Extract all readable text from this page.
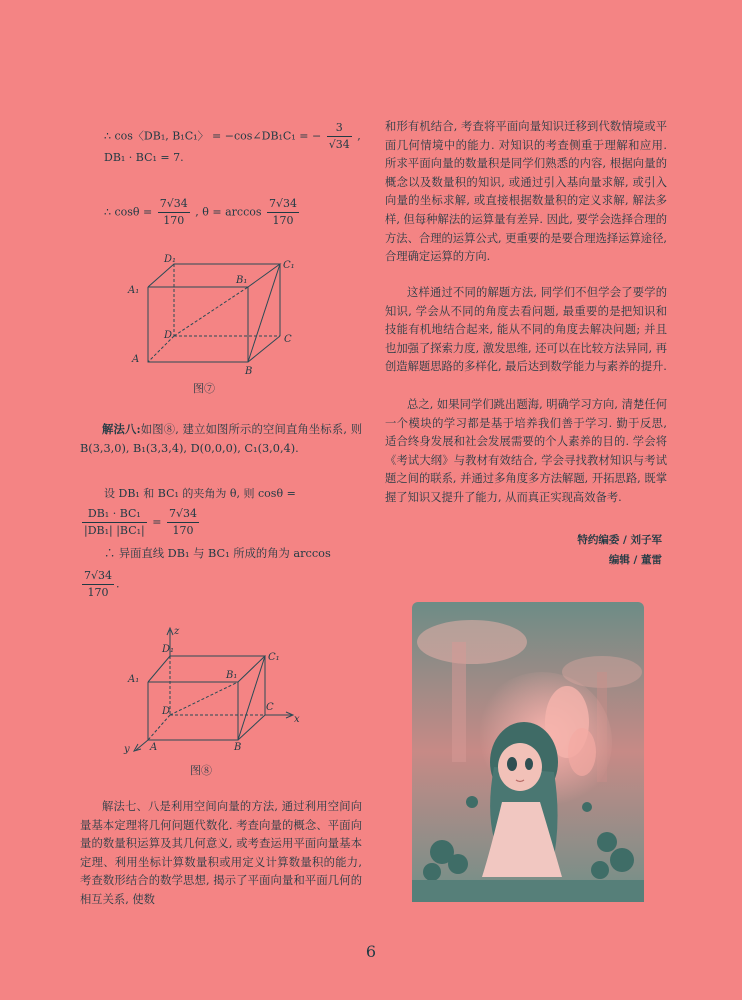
∴ cos〈DB₁, B₁C₁〉 = −cos∠DB₁C₁ = − $\frac{3}{√34}$ ,
DB₁ · BC₁ = 7.
∴ $\cos\theta = \frac{7√34}{170}$ , $\theta = \arccos \frac{7√34}{170}$
D₁
C₁
A₁
B₁
D	C
A
B
图⑦
解法八:如图⑧, 建立如图所示的空间直角坐标系, 则 B(3,3,0), B₁(3,3,4), D(0,0,0), C₁(3,0,4).
设 DB₁ 和 BC₁ 的夹角为 θ, 则 cosθ =
$\frac{\text{DB₁ · BC₁}}{\text{|DB₁| |BC₁|}} = \frac{7√34}{170}$
∴ 异面直线 DB₁ 与 BC₁ 所成的角为 arccos
$\frac{7√34}{170}$ .
z
x
y
D₁
C₁
A₁	B₁
D	C
A	B
图⑧
解法七、八是利用空间向量的方法, 通过利用空间向量基本定理将几何问题代数化. 考查向量的概念、平面向量的数量积运算及其几何意义, 或考查运用平面向量基本定理、利用坐标计算数量积或用定义计算数量积的能力, 考查数形结合的数学思想, 揭示了平面向量和平面几何的相互关系, 使数
和形有机结合, 考查将平面向量知识迁移到代数情境或平面几何情境中的能力. 对知识的考查侧重于理解和应用. 所求平面向量的数量积是同学们熟悉的内容, 根据向量的概念以及数量积的知识, 或通过引入基向量求解, 或引入向量的坐标求解, 或直接根据数量积的定义求解, 解法多样, 但每种解法的运算量有差异. 因此, 要学会选择合理的方法、合理的运算公式, 更重要的是要合理选择运算途径, 合理确定运算的方向.
这样通过不同的解题方法, 同学们不但学会了要学的知识, 学会从不同的角度去看问题, 最重要的是把知识和技能有机地结合起来, 能从不同的角度去解决问题; 并且也加强了探索力度, 激发思维, 还可以在比较方法异同, 再创造解题思路的多样化, 最后达到数学能力与素养的提升.
总之, 如果同学们跳出题海, 明确学习方向, 清楚任何一个模块的学习都是基于培养我们善于学习. 勤于反思, 适合终身发展和社会发展需要的个人素养的目的. 学会将《考试大纲》与教材有效结合, 学会寻找教材知识与考试题之间的联系, 并通过多角度多方法解题, 开拓思路, 既掌握了知识又提升了能力, 从而真正实现高效备考.
特约编委 / 刘子军
编辑 / 董雷
6
